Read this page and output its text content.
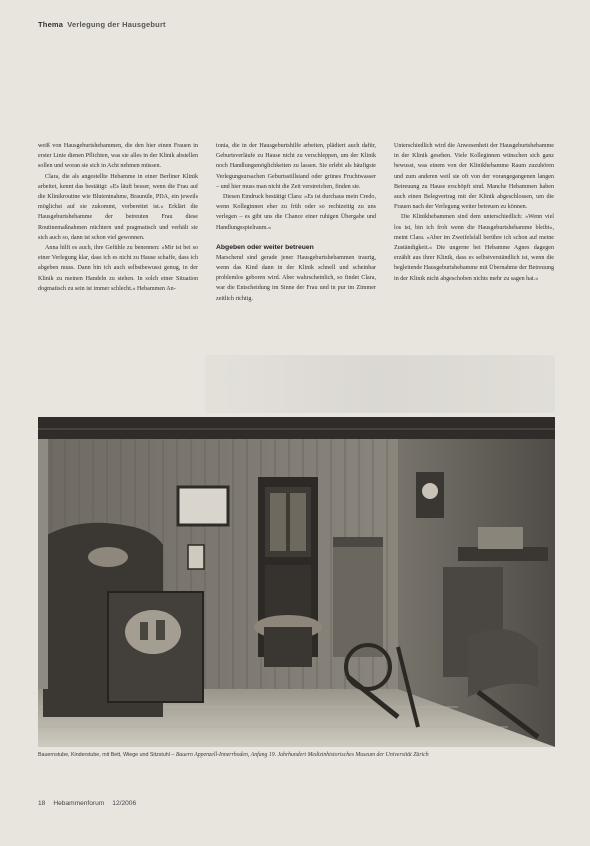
Thema Verlegung der Hausgeburt

weiß von Hausgeburtshebammen, die den hier einen Frauen in erster Linie dienen Pflichten, was sie alles in der Klinik abstellen sollen und woran sie sich in Acht nehmen müssen.

Clara, die als angestellte Hebamme in einer Berliner Klinik arbeitet, kennt das bestätigt: »Es läuft besser, wenn die Frau auf die Klinikroutine wie Blutentnahme, Braunüle, PDA, ein jeweils möglichst auf sie zukommt, vorbereitet ist.« Erklärt die Hausgeburtshebamme der betreuten Frau diese Routinemaßnahmen nüchtern und pragmatisch und verhält sie sich auch so, dann ist schon viel gewonnen.

Anna hilft es auch, ihre Gefühle zu benennen: »Mir ist bei so einer Verlegung klar, dass ich es nicht zu Hause schaffe, dass ich abgeben muss. Dann bin ich auch selbstbewusst genug, in der Klinik zu meinen Handeln zu stehen. In solch einer Situation dogmatisch zu sein ist immer schlecht.« Hebammen An-

tonia, die in der Hausgeburtshilfe arbeiten, plädiert auch dafür, Geburtsverläufe zu Hause nicht zu verschleppen, um der Klinik noch Handlungsmöglichkeiten zu lassen. Sie erlebt als häufigste Verlegungsursachen Geburtsstillstand oder grünes Fruchtwasser – und hier muss man nicht die Zeit verstreichen, finden sie.

Diesen Eindruck bestätigt Clara: »Es ist durchaus mein Credo, wenn Kolleginnen eher zu früh oder so rechtzeitig zu uns verlegen – es gibt uns die Chance einer ruhigen Übergabe und Handlungsspielraum.«

Abgeben oder weiter betreuen

Marschend sind gerade jener Hausgeburtshebammen traurig, wenn das Kind dann in der Klinik schnell und scheinbar problemlos geboren wird. Aber wahrscheinlich, so findet Clara, war die Entscheidung im Sinne der Frau und in pur im Zimmer zeitlich richtig.

Unterschiedlich wird die Anwesenheit der Hausgeburtshebamme in der Klinik gesehen. Viele Kolleginnen wünschen sich ganz bewusst, was einem von der Klinikhebamme Raum zuzuhören und zum anderen weil sie oft von der vorangegangenen langen Betreuung zu Hause erschöpft sind. Manche Hebammen haben auch einen Belegvertrag mit der Klinik abgeschlossen, um die Frauen nach der Verlegung weiter betreuen zu können.

Die Klinikhebammen sind dem unterschiedlich: »Wenn viel los ist, bin ich froh wenn die Hausgeburtshebamme bleibt«, meint Clara. »Aber im Zweifelsfall berühre ich schon auf meine Zuständigkeit.« Die ungerne bei Hebamme Agnes dagegen erzählt aus ihrer Klinik, dass es selbstverständlich ist, wenn die begleitende Hausgeburtshebamme mit Übernahme der Betreuung in der Klinik nicht abgeschoben nichts mehr zu sagen hat.«

Bauernstube, Kinderstube, mit Bett, Wiege und Sitzstuhl – Bauern Appenzell-Innerrhoden, Anfang 19. Jahrhundert Medizinhistorisches Museum der Universität Zürich
18 Hebammenforum 12/2006
